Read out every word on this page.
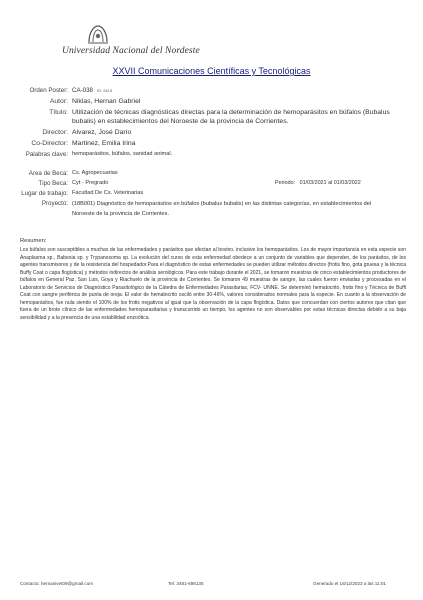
Universidad Nacional del Nordeste
XXVII Comunicaciones Científicas y Tecnológicas
Orden Poster: CA-038 ID: 2413
Autor: Niklas, Hernan Gabriel
Título: Utilización de técnicas diagnósticas directas para la determinación de hemoparásitos en búfalos (Bubalus bubalis) en establecimientos del Noroeste de la provincia de Corrientes.
Director: Alvarez, José Darío
Co-Director: Martinez, Emilia Irina
Palabras clave: hemoparásitos, búfalos, sanidad animal.
Area de Beca: Cs. Agropecuarias
Tipo Beca: Cyt - Pregrado	Periodo: 01/03/2021 al 01/03/2022
Lugar de trabajo: Facultad De Cs. Veterinarias
Proyecto: (18B001) Diagnóstico de hemoparásitos en búfalos (bubalus bubalis) en las distintas categorías, en establecimientos del Noroeste de la provincia de Corrientes.
Resumen:
Los búfalos son susceptibles a muchas de las enfermedades y parásitos que afectan al bovino, inclusive los hemoparásitos. Los de mayor importancia en esta especie son Anaplasma sp., Babesia sp. y Trypanosoma sp. La evolución del curso de esta enfermedad obedece a un conjunto de variables que dependen, de los parásitos, de los agentes transmisores y de la resistencia del hospedador.Para el diagnóstico de estas enfermedades se pueden utilizar métodos directos (frotis fino, gota gruesa y la técnica Buffy Coat o capa flogística) y métodos indirectos de análisis serológicos. Para este trabajo durante el 2021, se tomaron muestras de cinco establecimientos productores de búfalos en General Paz, San Luis, Goya y Riachuelo de la provincia de Corrientes. Se tomaron 49 muestras de sangre, las cuales fueron enviadas y procesadas en el Laboratorio de Servicios de Diagnóstico Parasitológico de la Cátedra de Enfermedades Parasitarias, FCV- UNNE. Se determinó hematocrito, frotis fino y Técnica de Buffi Coat con sangre periférica de punta de oreja. El valor de hematocrito osciló entre 30-46%, valores considerados normales para la especie. En cuanto a la observación de hemoparásitos, fue nula siendo el 100% de los frotis negativos al igual que la observación de la capa flogística. Datos que concuerdan con ciertos autores que citan que fuera de un brote clínico de las enfermedades hemoparasitarias y transcurrido un tiempo, los agentes no son observables por estas técnicas directas debido a su baja sensibilidad y a la presencia de una estabilidad enzoótica.
Contacto: hernanivet09@gmail.com	Tel: 3481-698135	Generado el 18/12/2023 a las 11:01
